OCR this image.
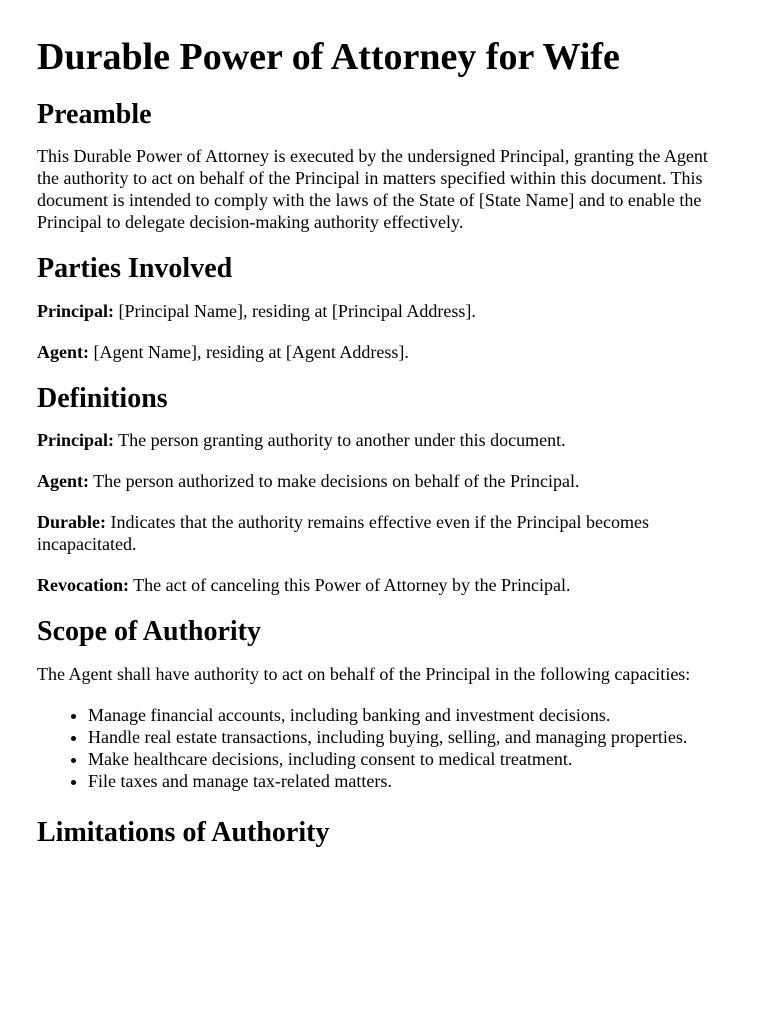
Durable Power of Attorney for Wife
Preamble

This Durable Power of Attorney is executed by the undersigned Principal, granting the Agent the authority to act on behalf of the Principal in matters specified within this document. This document is intended to comply with the laws of the State of [State Name] and to enable the Principal to delegate decision-making authority effectively.

Parties Involved

Principal: [Principal Name], residing at [Principal Address].

Agent: [Agent Name], residing at [Agent Address].

Definitions

Principal: The person granting authority to another under this document.

Agent: The person authorized to make decisions on behalf of the Principal.

Durable: Indicates that the authority remains effective even if the Principal becomes incapacitated.

Revocation: The act of canceling this Power of Attorney by the Principal.

Scope of Authority

The Agent shall have authority to act on behalf of the Principal in the following capacities:

• Manage financial accounts, including banking and investment decisions.
• Handle real estate transactions, including buying, selling, and managing properties.
• Make healthcare decisions, including consent to medical treatment.
• File taxes and manage tax-related matters.
Limitations of Authority
